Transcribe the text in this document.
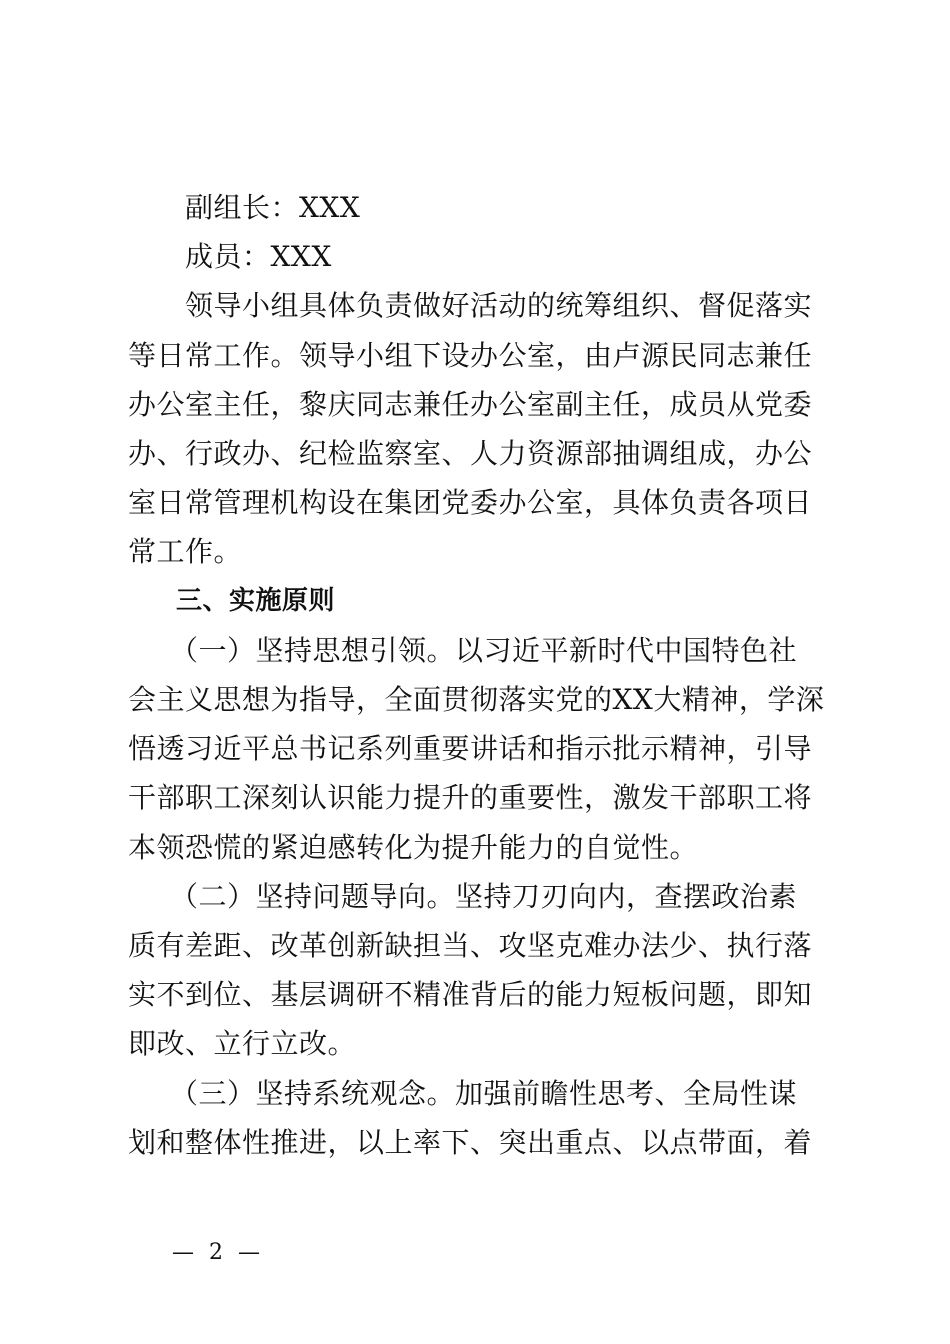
副组长：XXX

成员：XXX

领导小组具体负责做好活动的统筹组织、督促落实
等日常工作。领导小组下设办公室，由卢源民同志兼任
办公室主任，黎庆同志兼任办公室副主任，成员从党委
办、行政办、纪检监察室、人力资源部抽调组成，办公
室日常管理机构设在集团党委办公室，具体负责各项日
常工作。

三、实施原则

（一）坚持思想引领。以习近平新时代中国特色社
会主义思想为指导，全面贯彻落实党的XX大精神，学深
悟透习近平总书记系列重要讲话和指示批示精神，引导
干部职工深刻认识能力提升的重要性，激发干部职工将
本领恐慌的紧迫感转化为提升能力的自觉性。

（二）坚持问题导向。坚持刀刃向内，查摆政治素
质有差距、改革创新缺担当、攻坚克难办法少、执行落
实不到位、基层调研不精准背后的能力短板问题，即知
即改、立行立改。

（三）坚持系统观念。加强前瞻性思考、全局性谋
划和整体性推进，以上率下、突出重点、以点带面，着

— 2 —
